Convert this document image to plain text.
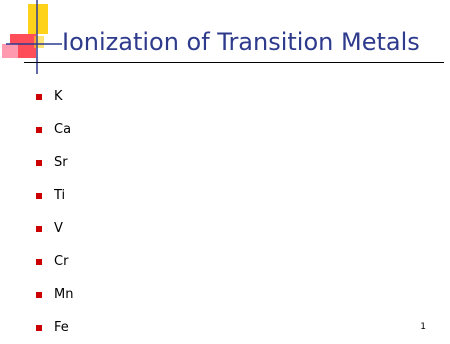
Ionization of Transition Metals
K
Ca
Sr
Ti
V
Cr
Mn
Fe	1
